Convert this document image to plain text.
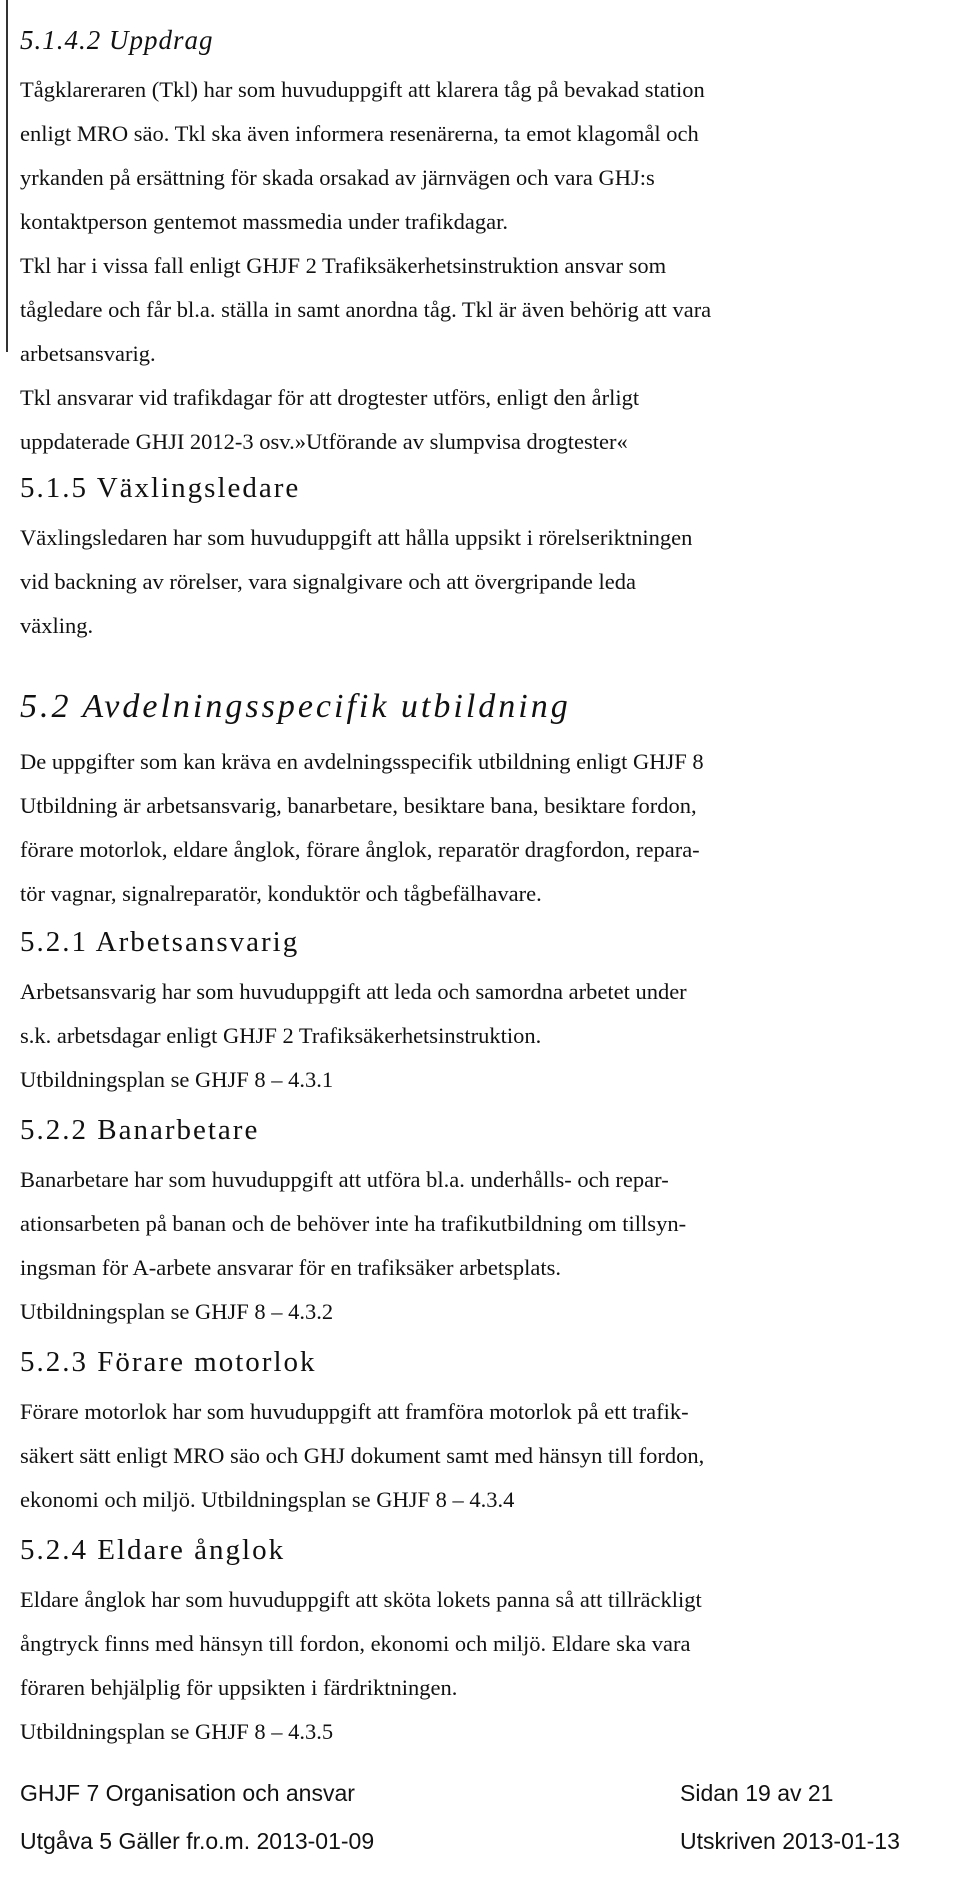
5.1.4.2 Uppdrag

Tågklareraren (Tkl) har som huvuduppgift att klarera tåg på bevakad station
enligt MRO säo. Tkl ska även informera resenärerna, ta emot klagomål och
yrkanden på ersättning för skada orsakad av järnvägen och vara GHJ:s
kontaktperson gentemot massmedia under trafikdagar.

Tkl har i vissa fall enligt GHJF 2 Trafiksäkerhetsinstruktion ansvar som
tågledare och får bl.a. ställa in samt anordna tåg. Tkl är även behörig att vara
arbetsansvarig.

Tkl ansvarar vid trafikdagar för att drogtester utförs, enligt den årligt
uppdaterade GHJI 2012-3 osv.»Utförande av slumpvisa drogtester«

5.1.5 Växlingsledare

Växlingsledaren har som huvuduppgift att hålla uppsikt i rörelseriktningen
vid backning av rörelser, vara signalgivare och att övergripande leda
växling.

5.2 Avdelningsspecifik utbildning

De uppgifter som kan kräva en avdelningsspecifik utbildning enligt GHJF 8
Utbildning är arbetsansvarig, banarbetare, besiktare bana, besiktare fordon,
förare motorlok, eldare ånglok, förare ånglok, reparatör dragfordon, repara-
tör vagnar, signalreparatör, konduktör och tågbefälhavare.

5.2.1 Arbetsansvarig

Arbetsansvarig har som huvuduppgift att leda och samordna arbetet under
s.k. arbetsdagar enligt GHJF 2 Trafiksäkerhetsinstruktion.
Utbildningsplan se GHJF 8 – 4.3.1

5.2.2 Banarbetare

Banarbetare har som huvuduppgift att utföra bl.a. underhålls- och repar-
ationsarbeten på banan och de behöver inte ha trafikutbildning om tillsyn-
ingsman för A-arbete ansvarar för en trafiksäker arbetsplats.
Utbildningsplan se GHJF 8 – 4.3.2

5.2.3 Förare motorlok

Förare motorlok har som huvuduppgift att framföra motorlok på ett trafik-
säkert sätt enligt MRO säo och GHJ dokument samt med hänsyn till fordon,
ekonomi och miljö. Utbildningsplan se GHJF 8 – 4.3.4

5.2.4 Eldare ånglok

Eldare ånglok har som huvuduppgift att sköta lokets panna så att tillräckligt
ångtryck finns med hänsyn till fordon, ekonomi och miljö. Eldare ska vara
föraren behjälplig för uppsikten i färdriktningen.
Utbildningsplan se GHJF 8 – 4.3.5

GHJF 7 Organisation och ansvar	Sidan 19 av 21
Utgåva 5 Gäller fr.o.m. 2013-01-09	Utskriven 2013-01-13
